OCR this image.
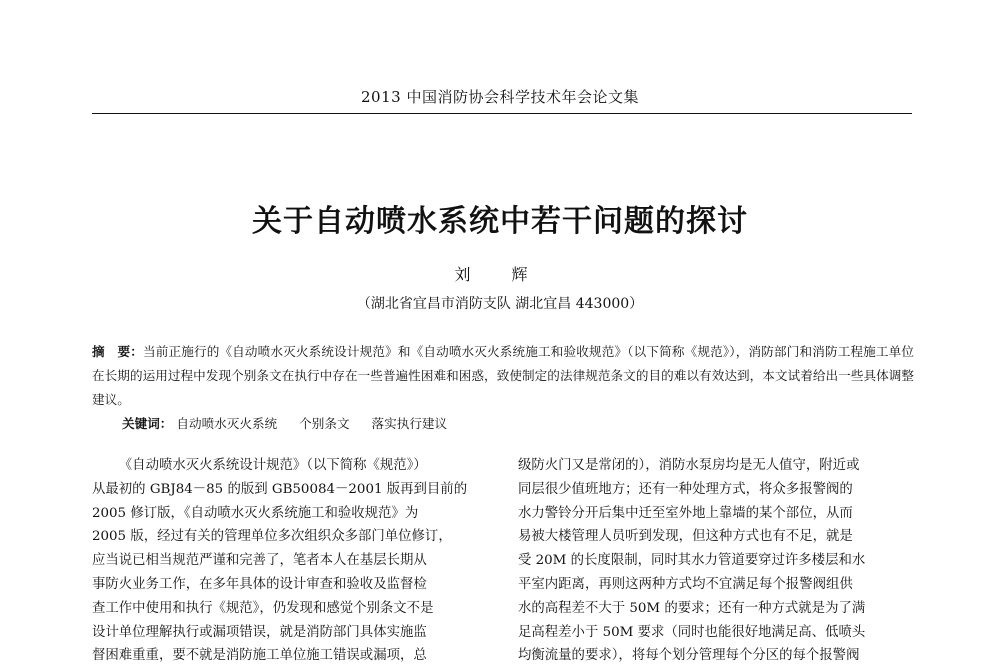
2013 中国消防协会科学技术年会论文集
关于自动喷水系统中若干问题的探讨
刘 辉
（湖北省宜昌市消防支队 湖北宜昌 443000）
摘　要：当前正施行的《自动喷水灭火系统设计规范》和《自动喷水灭火系统施工和验收规范》（以下简称《规范》），消防部门和消防工程施工单位在长期的运用过程中发现个别条文在执行中存在一些普遍性困难和困惑，致使制定的法律规范条文的目的难以有效达到，本文试着给出一些具体调整建议。
关键词： 自动喷水灭火系统 个别条文 落实执行建议
《自动喷水灭火系统设计规范》（以下简称《规范》）
从最初的 GBJ84－85 的版到 GB50084－2001 版再到目前的
2005 修订版，《自动喷水灭火系统施工和验收规范》为
2005 版，经过有关的管理单位多次组织众多部门单位修订，
应当说已相当规范严谨和完善了，笔者本人在基层长期从
事防火业务工作，在多年具体的设计审查和验收及监督检
查工作中使用和执行《规范》，仍发现和感觉个别条文不是
设计单位理解执行或漏项错误，就是消防部门具体实施监
督困难重重，要不就是消防施工单位施工错误或漏项，总
级防火门又是常闭的），消防水泵房均是无人值守，附近或
同层很少值班地方；还有一种处理方式，将众多报警阀的
水力警铃分开后集中迁至室外地上靠墙的某个部位，从而
易被大楼管理人员听到发现，但这种方式也有不足，就是
受 20M 的长度限制，同时其水力管道要穿过许多楼层和水
平室内距离，再则这两种方式均不宜满足每个报警阀组供
水的高程差不大于 50M 的要求；还有一种方式就是为了满
足高程差小于 50M 要求（同时也能很好地满足高、低喷头
均衡流量的要求），将每个划分管理每个分区的每个报警阀
